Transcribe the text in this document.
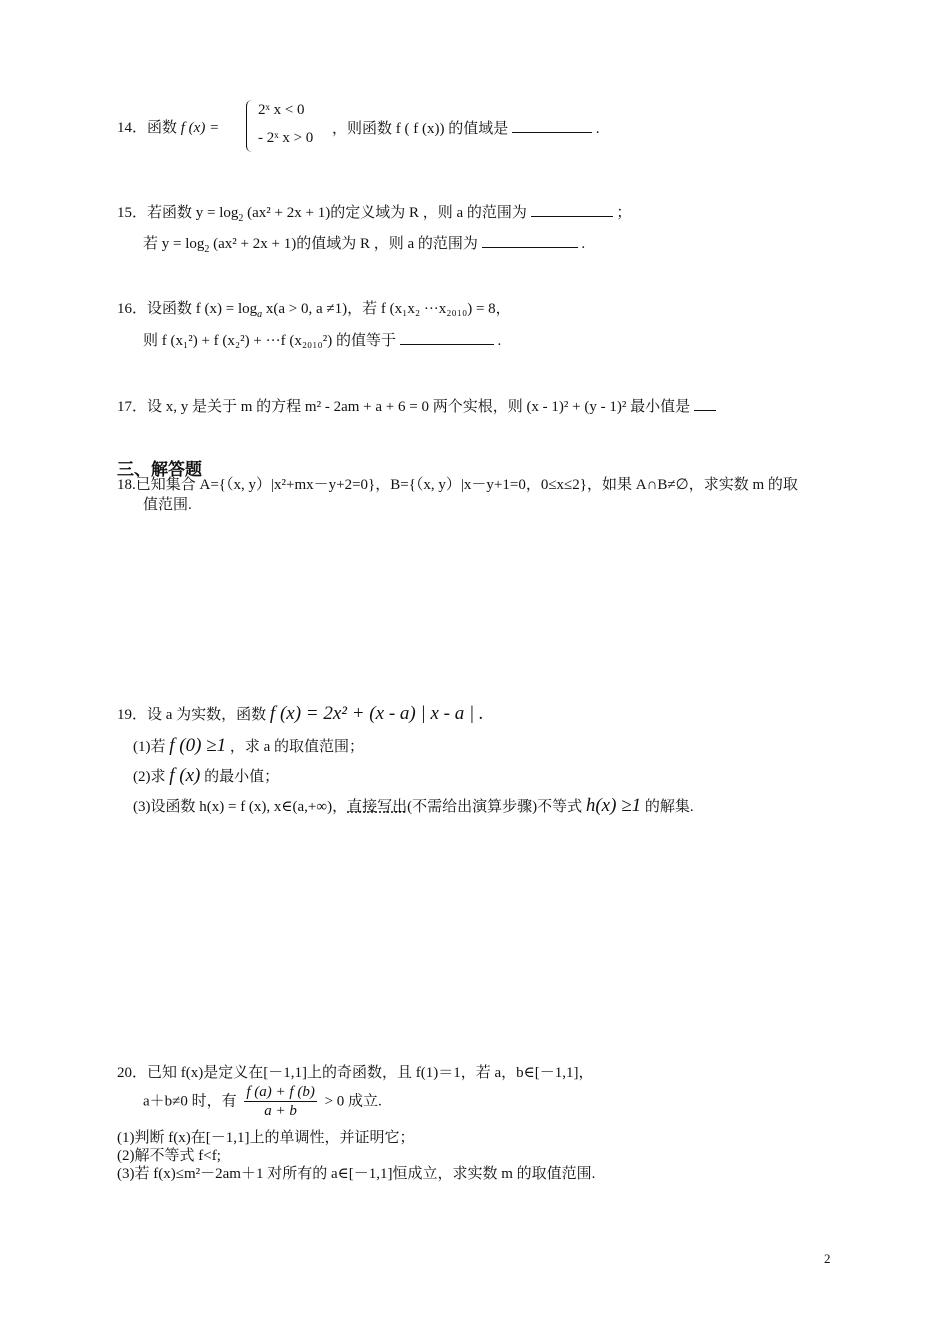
14．函数 f (x) =
2ˣ x < 0
- 2ˣ x > 0
，则函数 f ( f (x)) 的值域是	.
15．若函数 $y = \log_2 (ax^2 + 2x + 1)$的定义域为 R ，则 a 的范围为	；
若 $y = \log_2 (ax^2 + 2x + 1)$的值域为 R ，则 a 的范围为	.
16．设函数 f $(x) = \log_a x(a > 0$, a ≠1)，若 f (x₁x₂ ···x₂₀₁₀) = 8，
则 f (x₁²) + f (x₂²) + ···f (x₂₀₁₀²) 的值等于	.
17．设 x, y 是关于 m 的方程 m² - 2am + a + 6 = 0 两个实根，则 (x - 1)² + (y - 1)² 最小值是
三、解答题
18.已知集合 A={（x, y）|x²+mx－y+2=0}，B={（x, y）|x－y+1=0，0≤x≤2}，如果 A∩B≠∅，求实数 m 的取
值范围.
19．设 a 为实数，函数 f (x) = 2x² + (x - a) | x - a | .
(1)若 f (0) ≥1 ，求 a 的取值范围；
(2)求 f (x) 的最小值；
(3)设函数 h(x) = f (x), x∈(a,+∞)，直接写出(不需给出演算步骤)不等式 h(x) ≥1 的解集.
20．已知 f(x)是定义在[－1,1]上的奇函数，且 f(1)＝1，若 a，b∈[－1,1]，
a＋b≠0 时，有 $\frac{f (a) + f (b)}{a + b} > 0$ 成立.
(1)判断 f(x)在[－1,1]上的单调性，并证明它；
(2)解不等式 f<f;
(3)若 f(x)≤m²－2am＋1 对所有的 a∈[－1,1]恒成立，求实数 m 的取值范围.
2
